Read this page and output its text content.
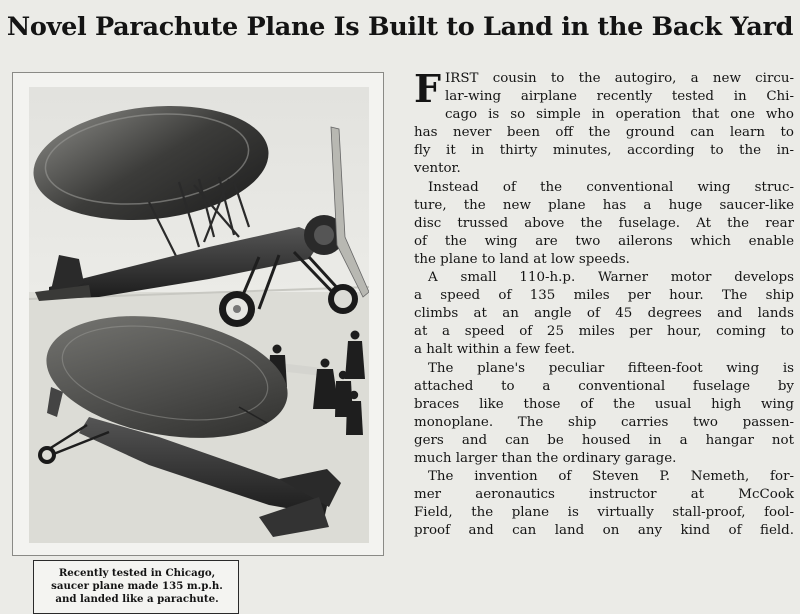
Novel Parachute Plane Is Built to Land in the Back Yard
Recently tested in Chicago,
saucer plane made 135 m.p.h.
and landed like a parachute.
F IRST cousin to the autogiro, a new circu-
lar-wing airplane recently tested in Chi-
cago is so simple in operation that one who
has never been off the ground can learn to
fly it in thirty minutes, according to the in-
ventor.
Instead of the conventional wing struc-
ture, the new plane has a huge saucer-like
disc trussed above the fuselage. At the rear
of the wing are two ailerons which enable
the plane to land at low speeds.
A small 110-h.p. Warner motor develops
a speed of 135 miles per hour. The ship
climbs at an angle of 45 degrees and lands
at a speed of 25 miles per hour, coming to
a halt within a few feet.
The plane's peculiar fifteen-foot wing is
attached to a conventional fuselage by
braces like those of the usual high wing
monoplane. The ship carries two passen-
gers and can be housed in a hangar not
much larger than the ordinary garage.
The invention of Steven P. Nemeth, for-
mer aeronautics instructor at McCook
Field, the plane is virtually stall-proof, fool-
proof and can land on any kind of field.
